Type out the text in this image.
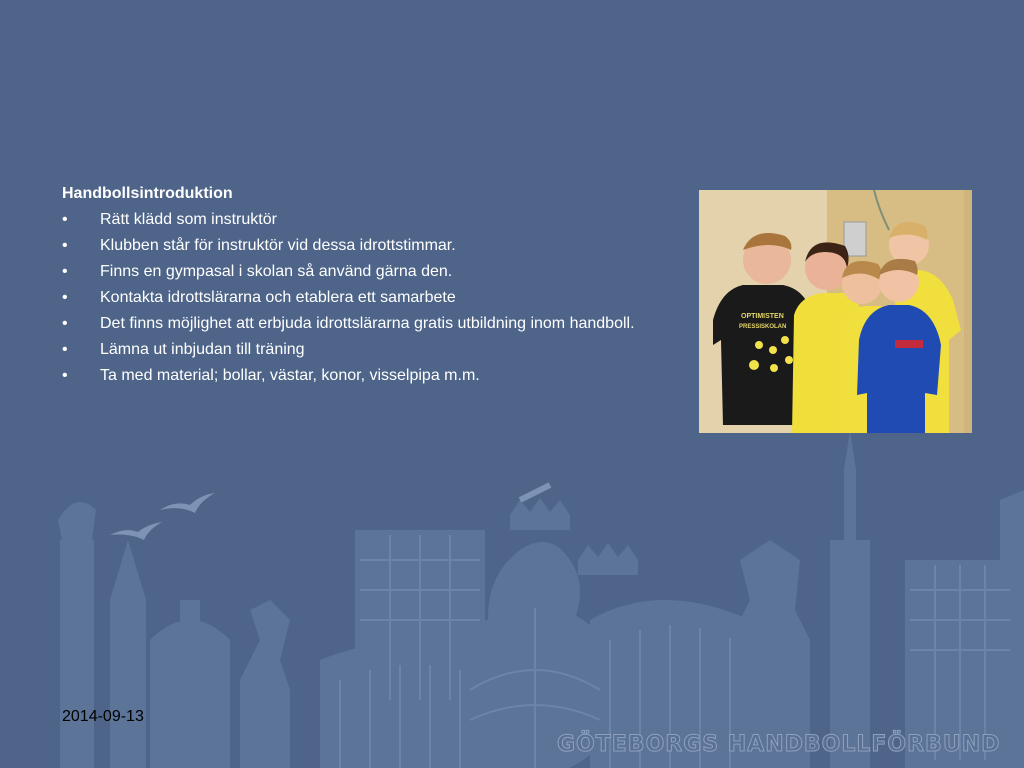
Handbollsintroduktion
• Rätt klädd som instruktör
• Klubben står för instruktör vid dessa idrottstimmar.
• Finns en gympasal i skolan så använd gärna den.
• Kontakta idrottslärarna och etablera ett samarbete
• Det finns möjlighet att erbjuda idrottslärarna gratis utbildning inom handboll.
• Lämna ut inbjudan till träning
• Ta med material; bollar, västar, konor, visselpipa m.m.
OPTIMISTEN
PRESSISKOLAN
2014-09-13
GÖTEBORGS HANDBOLLFÖRBUND
